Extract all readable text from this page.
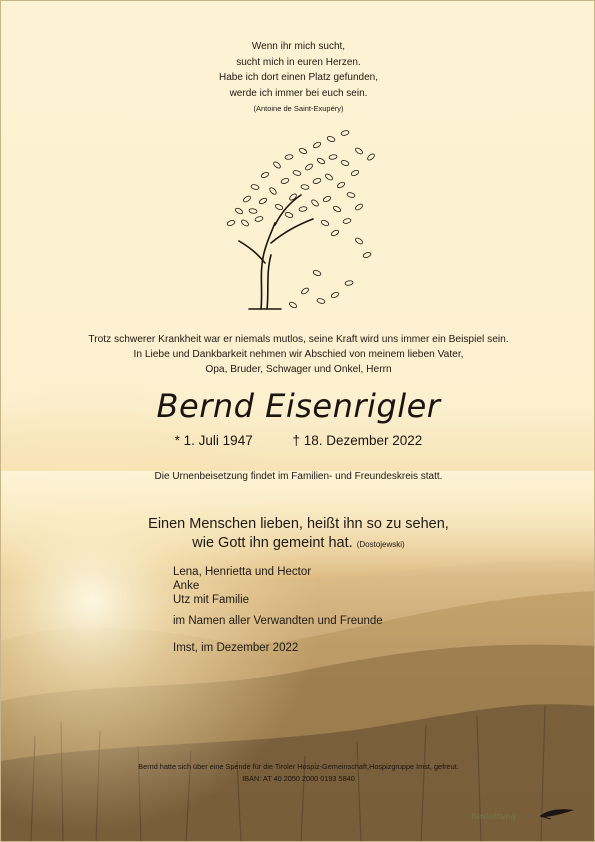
Wenn ihr mich sucht,
sucht mich in euren Herzen.
Habe ich dort einen Platz gefunden,
werde ich immer bei euch sein.
(Antoine de Saint-Exupéry)
Trotz schwerer Krankheit war er niemals mutlos, seine Kraft wird uns immer ein Beispiel sein.
In Liebe und Dankbarkeit nehmen wir Abschied von meinem lieben Vater,
Opa, Bruder, Schwager und Onkel, Herrn
Bernd Eisenrigler
* 1. Juli 1947	† 18. Dezember 2022
Die Urnenbeisetzung findet im Familien- und Freundeskreis statt.
Einen Menschen lieben, heißt ihn so zu sehen,
wie Gott ihn gemeint hat. (Dostojewski)
Lena, Henrietta und Hector
Anke
Utz mit Familie
im Namen aller Verwandten und Freunde
Imst, im Dezember 2022
Bernd hatte sich über eine Spende für die Tiroler Hospiz-Gemeinschaft,Hospizgruppe Imst, gefreut.
IBAN: AT 40 2050 2000 0193 5840
Bestattung
